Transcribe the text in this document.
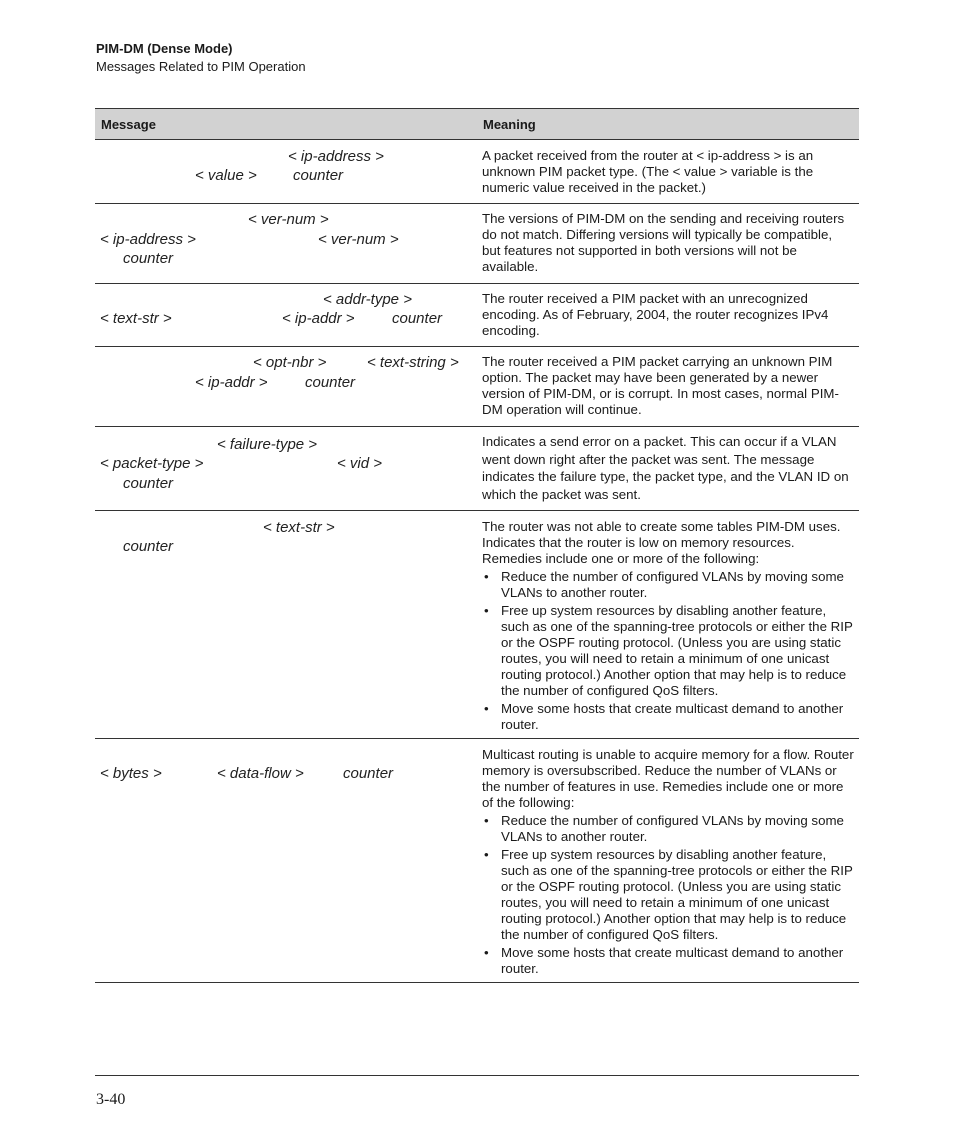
PIM-DM (Dense Mode)
Messages Related to PIM Operation
Message	Meaning
< ip-address >
< value > counter

A packet received from the router at < ip-address > is an unknown PIM packet type. (The < value > variable is the numeric value received in the packet.)

< ver-num >
< ip-address >	< ver-num >
counter

The versions of PIM-DM on the sending and receiving routers do not match. Differing versions will typically be compatible, but features not supported in both versions will not be available.

< addr-type >
< text-str >	< ip-addr > counter

The router received a PIM packet with an unrecognized encoding. As of February, 2004, the router recognizes IPv4 encoding.

< opt-nbr >	< text-string >
< ip-addr > counter

The router received a PIM packet carrying an unknown PIM option. The packet may have been generated by a newer version of PIM-DM, or is corrupt. In most cases, normal PIM-DM operation will continue.

< failure-type >
< packet-type >	< vid >
counter

Indicates a send error on a packet. This can occur if a VLAN went down right after the packet was sent. The message indicates the failure type, the packet type, and the VLAN ID on which the packet was sent.

< text-str >
counter

The router was not able to create some tables PIM-DM uses. Indicates that the router is low on memory resources. Remedies include one or more of the following:

• Reduce the number of configured VLANs by moving some VLANs to another router.
• Free up system resources by disabling another feature, such as one of the spanning-tree protocols or either the RIP or the OSPF routing protocol. (Unless you are using static routes, you will need to retain a minimum of one unicast routing protocol.) Another option that may help is to reduce the number of configured QoS filters.
• Move some hosts that create multicast demand to another router.
< bytes >	< data-flow >	counter

Multicast routing is unable to acquire memory for a flow. Router memory is oversubscribed. Reduce the number of VLANs or the number of features in use. Remedies include one or more of the following:

• Reduce the number of configured VLANs by moving some VLANs to another router.
• Free up system resources by disabling another feature, such as one of the spanning-tree protocols or either the RIP or the OSPF routing protocol. (Unless you are using static routes, you will need to retain a minimum of one unicast routing protocol.) Another option that may help is to reduce the number of configured QoS filters.
• Move some hosts that create multicast demand to another router.
3-40
